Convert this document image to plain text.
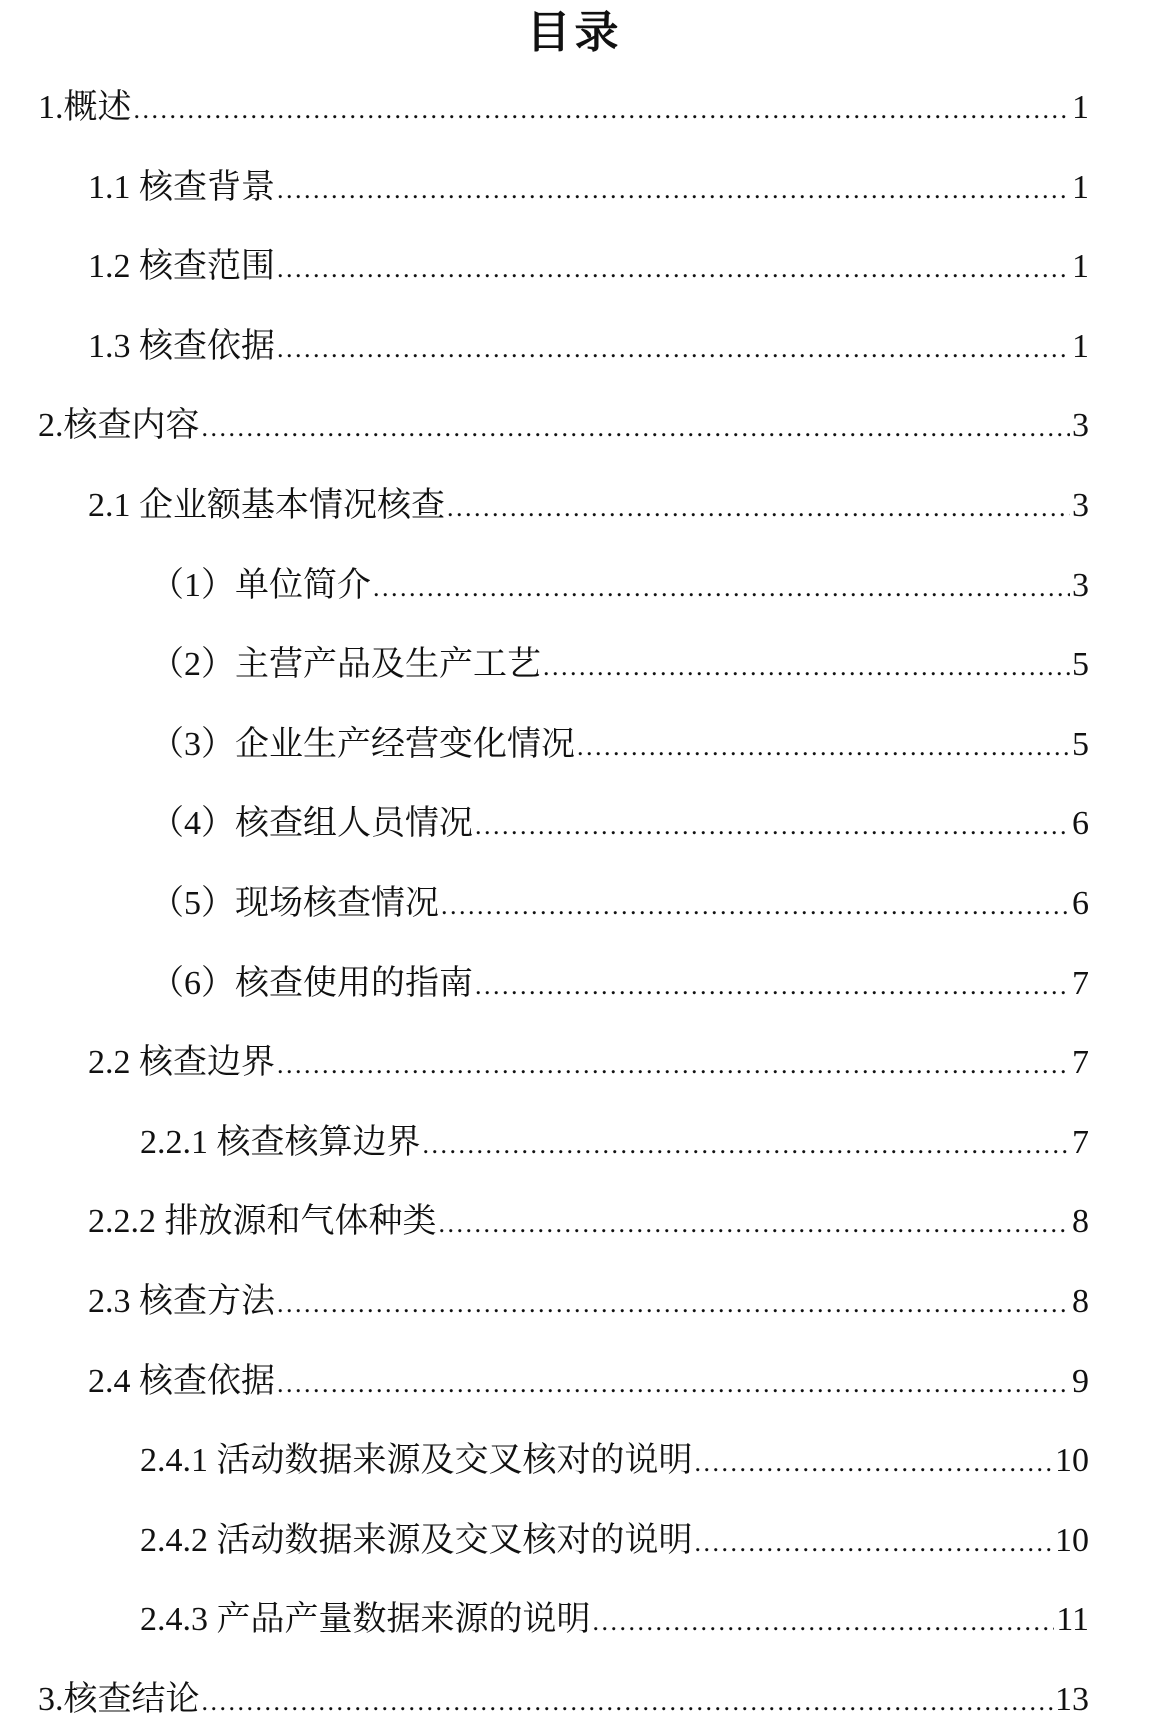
目录
1.概述 . . .	1
1.1 核查背景 . . .	1
1.2 核查范围 . . .	1
1.3 核查依据 . . .	1
2.核查内容 . . .	3
2.1 企业额基本情况核查 . . .	3
（1）单位简介 . . .	3
（2）主营产品及生产工艺 . . .	5
（3）企业生产经营变化情况 . . .	5
（4）核查组人员情况 . . .	6
（5）现场核查情况 . . .	6
（6）核查使用的指南 . . .	7
2.2 核查边界 . . .	7
2.2.1 核查核算边界 . . .	7
2.2.2 排放源和气体种类 . . .	8
2.3 核查方法 . . .	8
2.4 核查依据 . . .	9
2.4.1 活动数据来源及交叉核对的说明 . . .	10
2.4.2 活动数据来源及交叉核对的说明 . . .	10
2.4.3 产品产量数据来源的说明 . . .	11
3.核查结论 . . .	13
